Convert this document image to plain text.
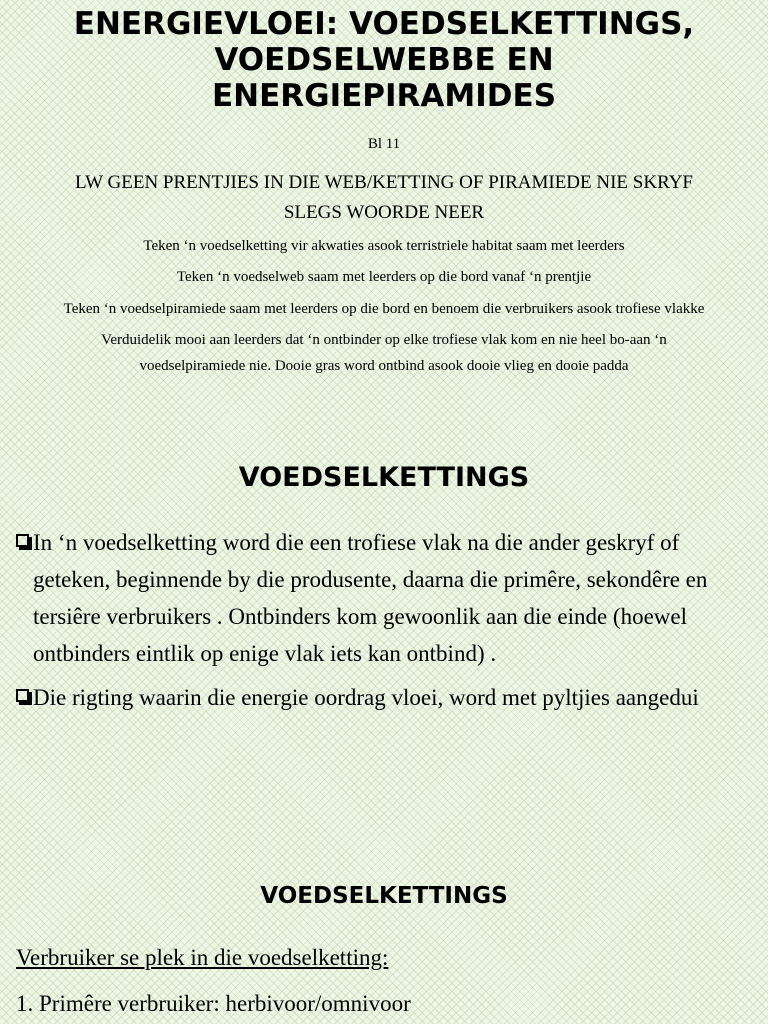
ENERGIEVLOEI: VOEDSELKETTINGS,
VOEDSELWEBBE EN
ENERGIEPIRAMIDES

Bl 11

LW GEEN PRENTJIES IN DIE WEB/KETTING OF PIRAMIEDE NIE SKRYF
SLEGS WOORDE NEER

Teken ‘n voedselketting vir akwaties asook terristriele habitat saam met leerders

Teken ‘n voedselweb saam met leerders op die bord vanaf ‘n prentjie

Teken ‘n voedselpiramiede saam met leerders op die bord en benoem die verbruikers asook trofiese vlakke

Verduidelik mooi aan leerders dat ‘n ontbinder op elke trofiese vlak kom en nie heel bo-aan ‘n voedselpiramiede nie. Dooie gras word ontbind asook dooie vlieg en dooie padda

VOEDSELKETTINGS
In ‘n voedselketting word die een trofiese vlak na die ander geskryf of geteken, beginnende by die produsente, daarna die primêre, sekondêre en tersiêre verbruikers . Ontbinders kom gewoonlik aan die einde (hoewel ontbinders eintlik op enige vlak iets kan ontbind) .
Die rigting waarin die energie oordrag vloei, word met pyltjies aangedui
VOEDSELKETTINGS

Verbruiker se plek in die voedselketting:

1. Primêre verbruiker: herbivoor/omnivoor
